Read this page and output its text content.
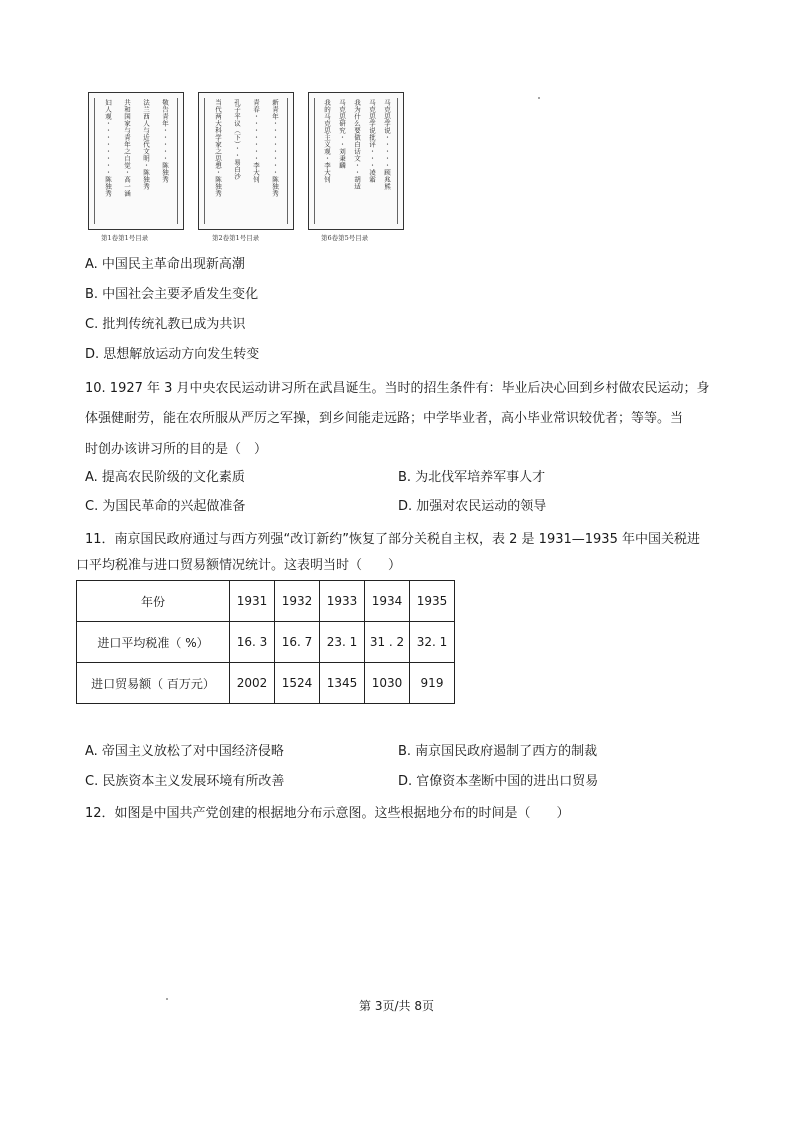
敬告青年・・・・・陈独秀
法兰西人与近代文明・陈独秀
共和国家与青年之自觉・高一涵
妇人观・・・・・・・・陈独秀
第1卷第1号目录
新青年・・・・・・・・陈独秀
青春・・・・・・・李大钊
孔子平议（下）・・易白沙
当代两大科学家之思想・陈独秀
第2卷第1号目录
马克思学说・・・・・顾兆熊
马克思学说批评・・・凌霜
我为什么要做白话文・・胡适
马克思研究・・刘秉麟
我的马克思主义观・李大钊
第6卷第5号目录
A. 中国民主革命出现新高潮
B. 中国社会主要矛盾发生变化
C. 批判传统礼教已成为共识
D. 思想解放运动方向发生转变
10. 1927 年 3 月中央农民运动讲习所在武昌诞生。当时的招生条件有：毕业后决心回到乡村做农民运动；身
体强健耐劳，能在农所服从严厉之军操，到乡间能走远路；中学毕业者，高小毕业常识较优者；等等。当
时创办该讲习所的目的是（　）
A. 提高农民阶级的文化素质	B. 为北伐军培养军事人才
C. 为国民革命的兴起做准备	D. 加强对农民运动的领导
11．南京国民政府通过与西方列强“改订新约”恢复了部分关税自主权，表 2 是 1931—1935 年中国关税进
口平均税准与进口贸易额情况统计。这表明当时（　　）
年份	1931	1932	1933	1934	1935
进口平均税准（ %）	16. 3	16. 7	23. 1	31 . 2	32. 1
进口贸易额（ 百万元）	2002	1524	1345	1030	919
A. 帝国主义放松了对中国经济侵略	B. 南京国民政府遏制了西方的制裁
C. 民族资本主义发展环境有所改善	D. 官僚资本垄断中国的进出口贸易
12．如图是中国共产党创建的根据地分布示意图。这些根据地分布的时间是（　　）
第 3页/共 8页
